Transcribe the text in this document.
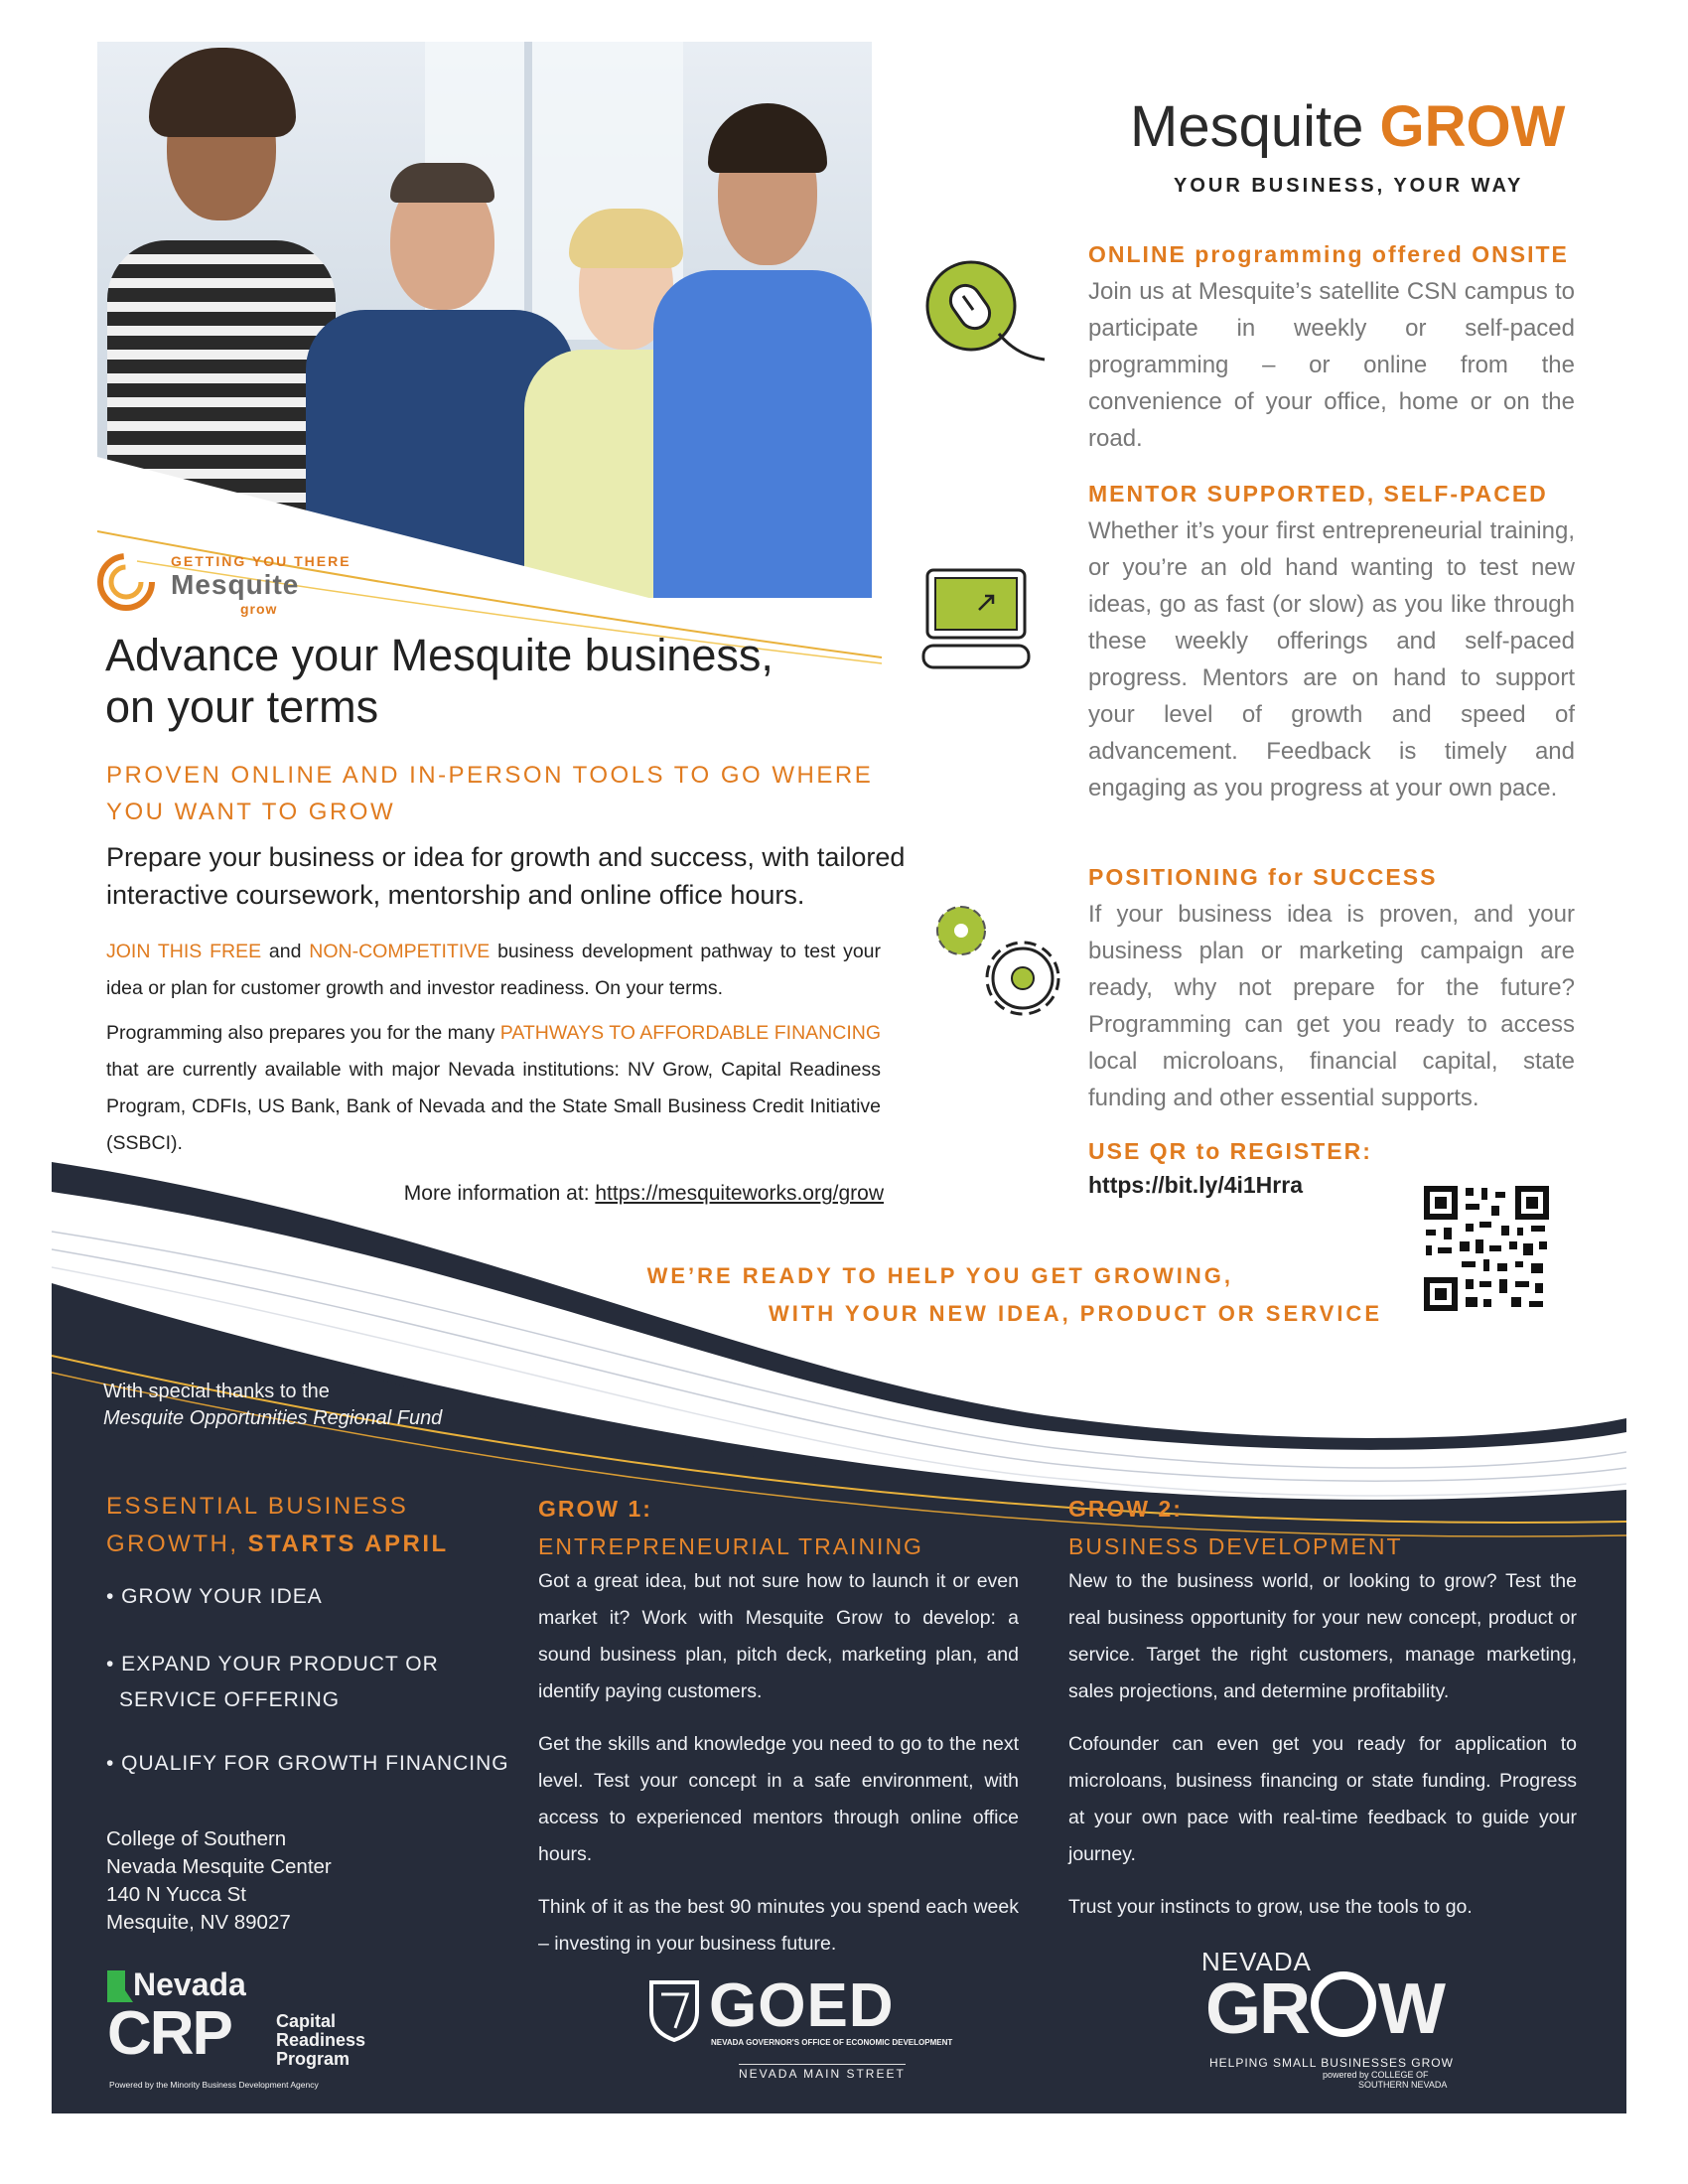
GETTING YOU THERE
Mesquite
grow
Advance your Mesquite business,
on your terms
PROVEN ONLINE AND IN-PERSON TOOLS TO GO WHERE
YOU WANT TO GROW
Prepare your business or idea for growth and success, with tailored
interactive coursework, mentorship and online office hours.
JOIN THIS FREE and NON-COMPETITIVE business development pathway to test your idea or plan for customer growth and investor readiness. On your terms.
Programming also prepares you for the many PATHWAYS TO AFFORDABLE FINANCING that are currently available with major Nevada institutions: NV Grow, Capital Readiness Program, CDFIs, US Bank, Bank of Nevada and the State Small Business Credit Initiative (SSBCI).
More information at: https://mesquiteworks.org/grow
Mesquite GROW
YOUR BUSINESS, YOUR WAY
ONLINE programming offered ONSITE
Join us at Mesquite’s satellite CSN campus to participate in weekly or self-paced programming – or online from the convenience of your office, home or on the road.
MENTOR SUPPORTED, SELF-PACED
Whether it’s your first entrepreneurial training, or you’re an old hand wanting to test new ideas, go as fast (or slow) as you like through these weekly offerings and self-paced progress. Mentors are on hand to support your level of growth and speed of advancement. Feedback is timely and engaging as you progress at your own pace.
POSITIONING for SUCCESS
If your business idea is proven, and your business plan or marketing campaign are ready, why not prepare for the future? Programming can get you ready to access local microloans, financial capital, state funding and other essential supports.
USE QR to REGISTER:
https://bit.ly/4i1Hrra
WE’RE READY TO HELP YOU GET GROWING,
WITH YOUR NEW IDEA, PRODUCT OR SERVICE
With special thanks to the
Mesquite Opportunities Regional Fund
ESSENTIAL BUSINESS
GROWTH, STARTS APRIL
• GROW YOUR IDEA
• EXPAND YOUR PRODUCT OR
SERVICE OFFERING
• QUALIFY FOR GROWTH FINANCING
College of Southern
Nevada Mesquite Center
140 N Yucca St
Mesquite, NV 89027
GROW 1:
ENTREPRENEURIAL TRAINING
Got a great idea, but not sure how to launch it or even market it? Work with Mesquite Grow to develop: a sound business plan, pitch deck, marketing plan, and identify paying customers.
Get the skills and knowledge you need to go to the next level. Test your concept in a safe environment, with access to experienced mentors through online office hours.
Think of it as the best 90 minutes you spend each week – investing in your business future.
GROW 2:
BUSINESS DEVELOPMENT
New to the business world, or looking to grow? Test the real business opportunity for your new concept, product or service. Target the right customers, manage marketing, sales projections, and determine profitability.
Cofounder can even get you ready for application to microloans, business financing or state funding. Progress at your own pace with real-time feedback to guide your journey.
Trust your instincts to grow, use the tools to go.
Nevada
CRP	Capital
Readiness
Program
Powered by the Minority Business Development Agency
GOED
NEVADA GOVERNOR'S OFFICE OF ECONOMIC DEVELOPMENT
NEVADA MAIN STREET
NEVADA
GR W
HELPING SMALL BUSINESSES GROW
powered by COLLEGE OF
SOUTHERN NEVADA
